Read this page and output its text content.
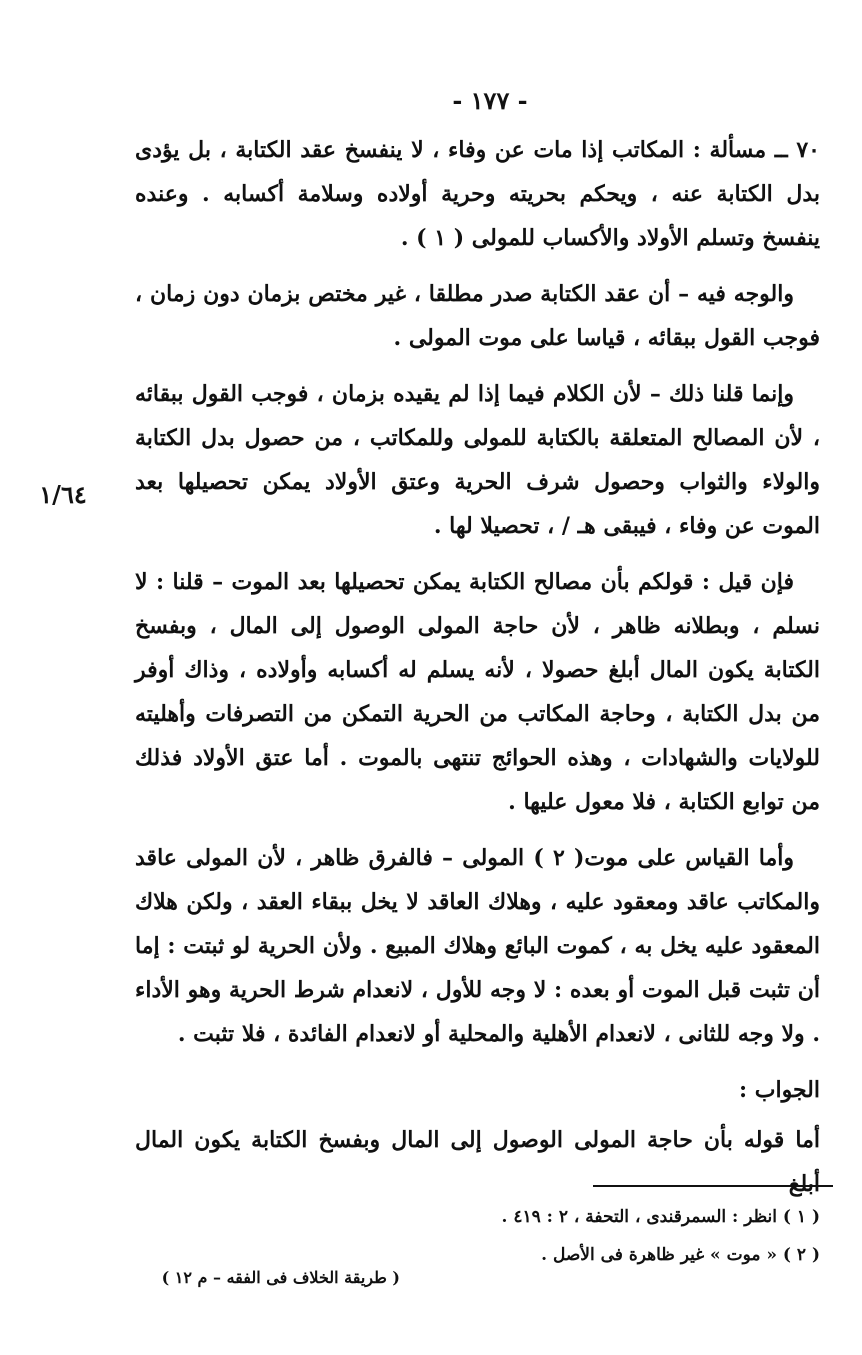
- ١٧٧ -
١/٦٤

٧٠ ــ مسألة : المكاتب إذا مات عن وفاء ، لا ينفسخ عقد الكتابة ، بل يؤدى بدل الكتابة عنه ، ويحكم بحريته وحرية أولاده وسلامة أكسابه . وعنده ينفسخ وتسلم الأولاد والأكساب للمولى ( ١ ) .

والوجه فيه – أن عقد الكتابة صدر مطلقا ، غير مختص بزمان دون زمان ، فوجب القول ببقائه ، قياسا على موت المولى .

وإنما قلنا ذلك – لأن الكلام فيما إذا لم يقيده بزمان ، فوجب القول ببقائه ، لأن المصالح المتعلقة بالكتابة للمولى وللمكاتب ، من حصول بدل الكتابة والولاء والثواب وحصول شرف الحرية وعتق الأولاد يمكن تحصيلها بعد الموت عن وفاء ، فيبقى هـ / ، تحصيلا لها .

فإن قيل : قولكم بأن مصالح الكتابة يمكن تحصيلها بعد الموت – قلنا : لا نسلم ، وبطلانه ظاهر ، لأن حاجة المولى الوصول إلى المال ، وبفسخ الكتابة يكون المال أبلغ حصولا ، لأنه يسلم له أكسابه وأولاده ، وذاك أوفر من بدل الكتابة ، وحاجة المكاتب من الحرية التمكن من التصرفات وأهليته للولايات والشهادات ، وهذه الحوائج تنتهى بالموت . أما عتق الأولاد فذلك من توابع الكتابة ، فلا معول عليها .

وأما القياس على موت( ٢ ) المولى – فالفرق ظاهر ، لأن المولى عاقد والمكاتب عاقد ومعقود عليه ، وهلاك العاقد لا يخل ببقاء العقد ، ولكن هلاك المعقود عليه يخل به ، كموت البائع وهلاك المبيع . ولأن الحرية لو ثبتت : إما أن تثبت قبل الموت أو بعده : لا وجه للأول ، لانعدام شرط الحرية وهو الأداء . ولا وجه للثانى ، لانعدام الأهلية والمحلية أو لانعدام الفائدة ، فلا تثبت .

الجواب :

أما قوله بأن حاجة المولى الوصول إلى المال وبفسخ الكتابة يكون المال أبلغ

( ١ ) انظر : السمرقندى ، التحفة ، ٢ : ٤١٩ .

( ٢ ) « موت » غير ظاهرة فى الأصل .

( طريقة الخلاف فى الفقه – م ١٢ )
